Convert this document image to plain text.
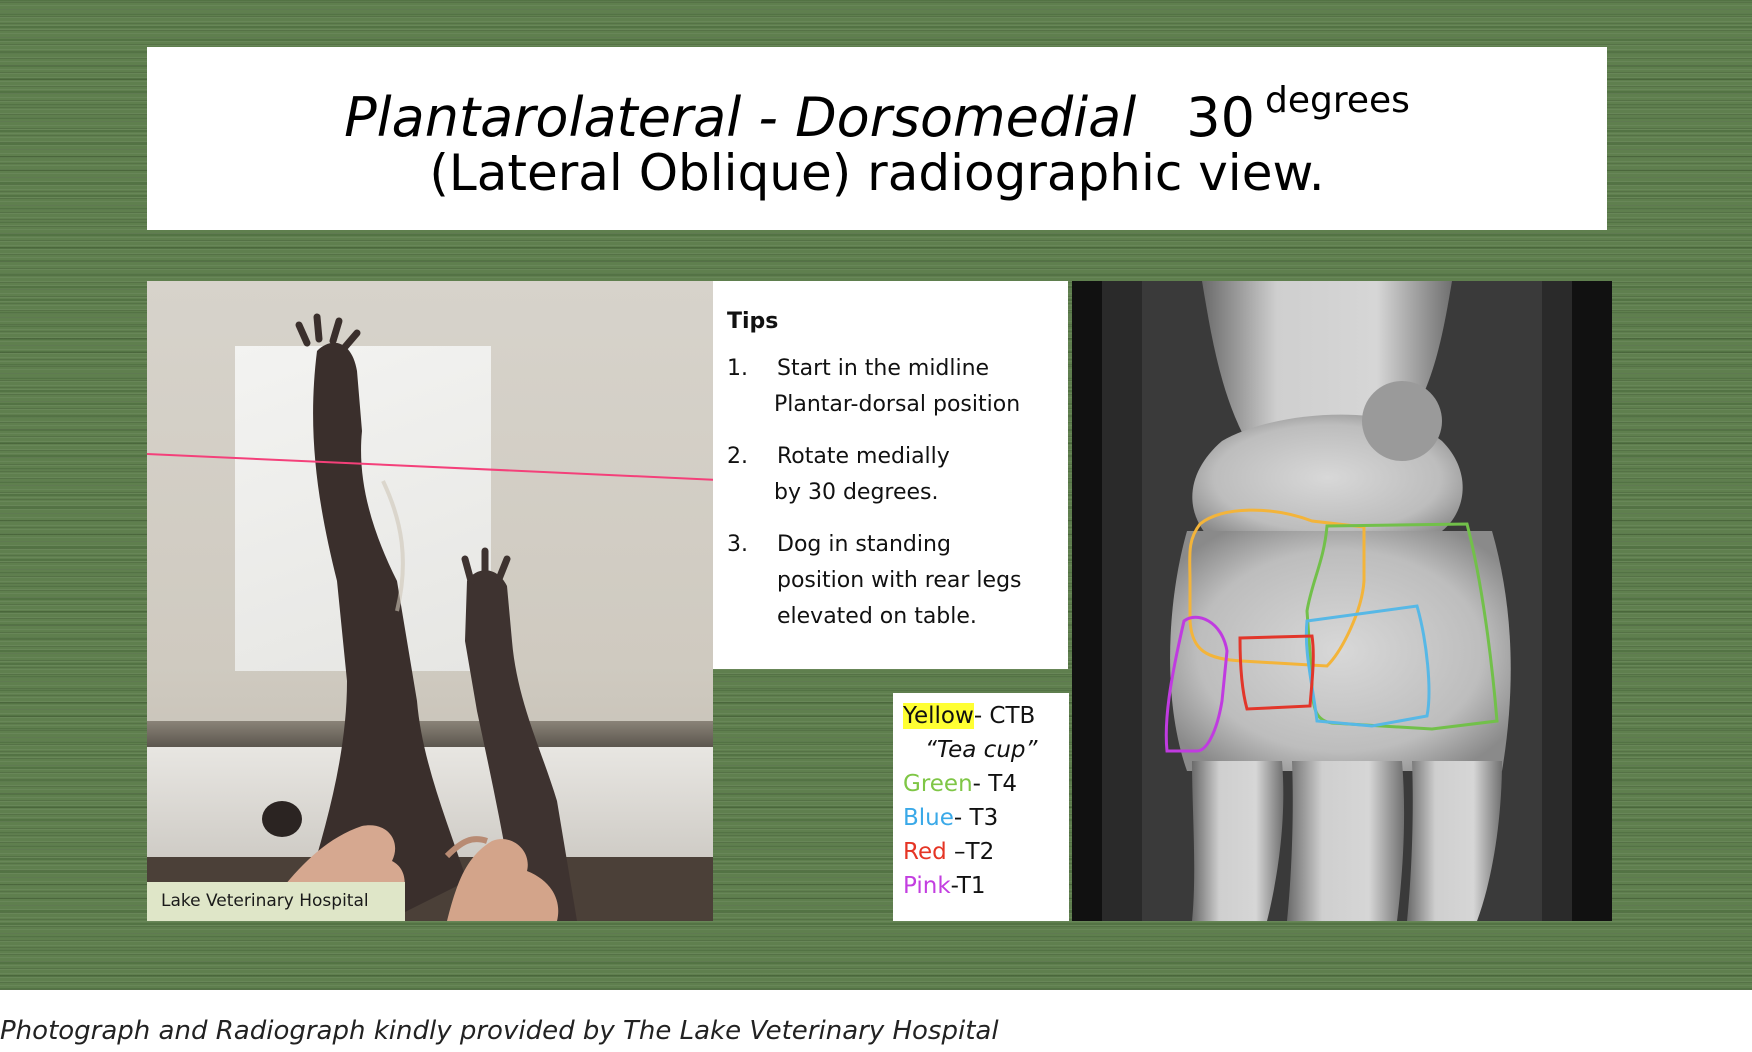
Plantarolateral - Dorsomedial 30 $^{degrees}$
(Lateral Oblique) radiographic view.
Lake Veterinary Hospital
Tips
1.	Start in the midline
Plantar-dorsal position
2.	Rotate medially
by 30 degrees.
3.	Dog in standing
position with rear legs
elevated on table.
Yellow- CTB
“Tea cup”
Green- T4
Blue- T3
Red –T2
Pink-T1
Photograph and Radiograph kindly provided by The Lake Veterinary Hospital
